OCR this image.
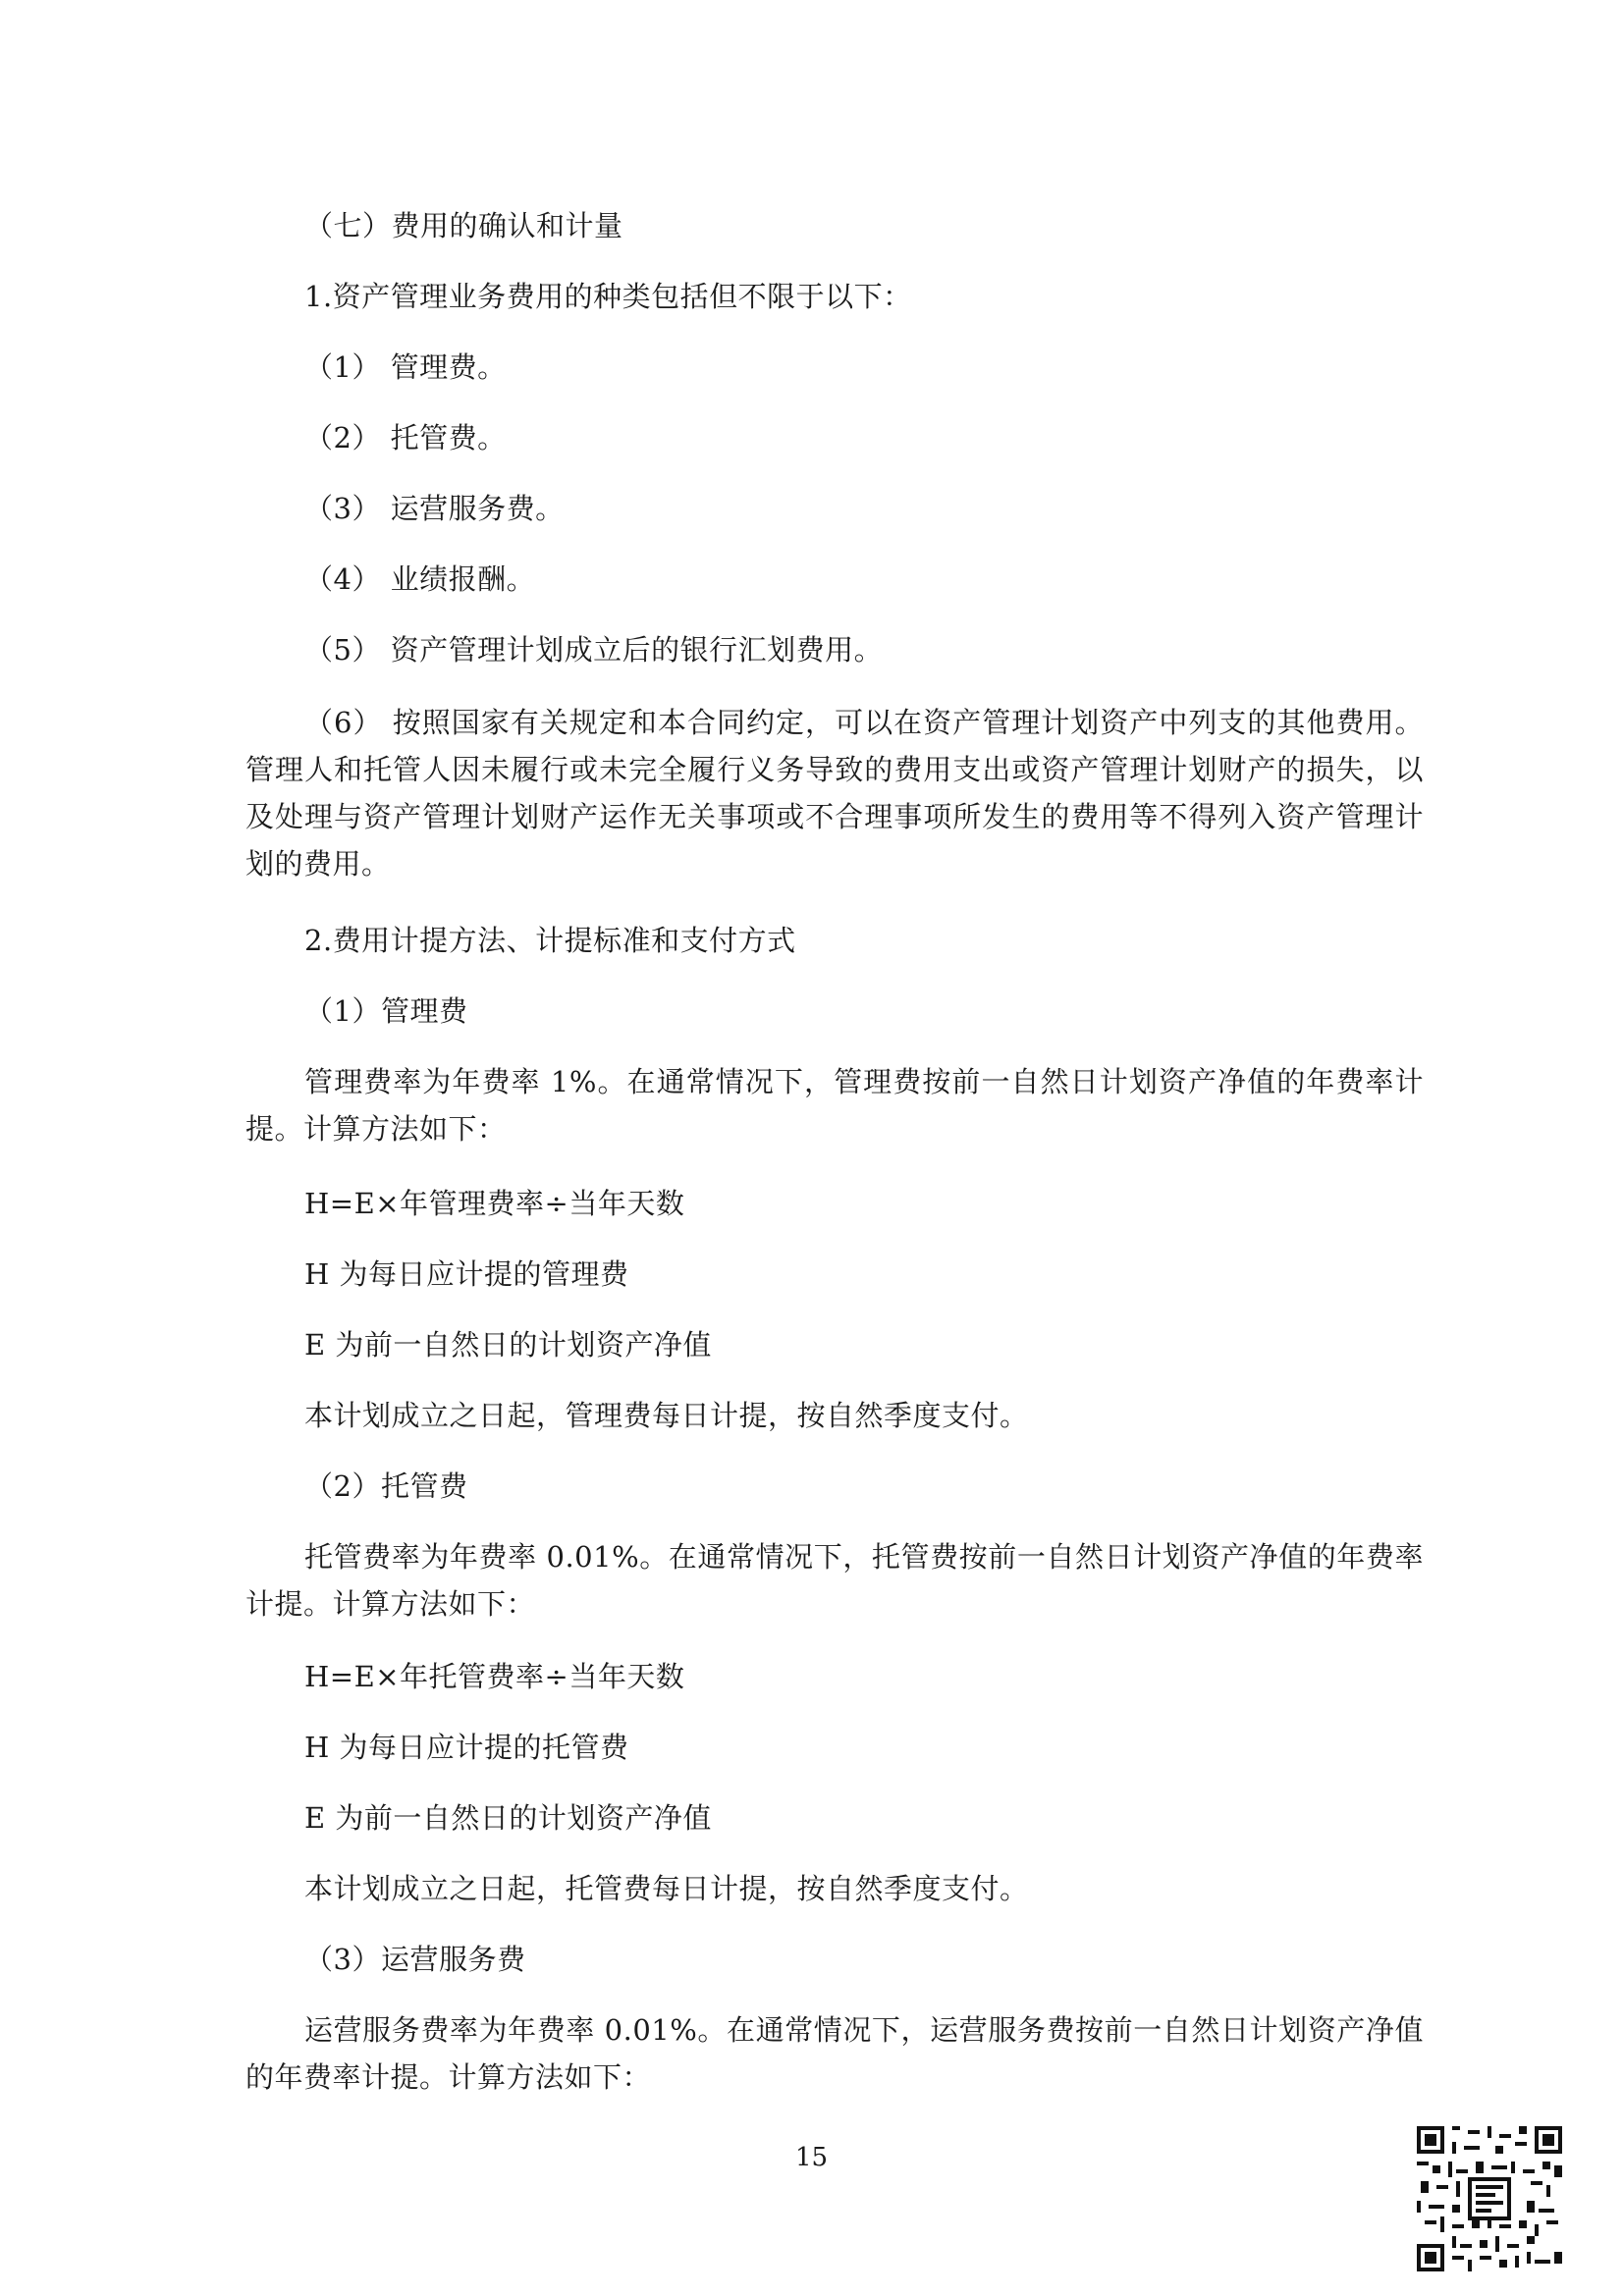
（七）费用的确认和计量
1.资产管理业务费用的种类包括但不限于以下：
（1） 管理费。
（2） 托管费。
（3） 运营服务费。
（4） 业绩报酬。
（5） 资产管理计划成立后的银行汇划费用。
（6） 按照国家有关规定和本合同约定，可以在资产管理计划资产中列支的其他费用。管理人和托管人因未履行或未完全履行义务导致的费用支出或资产管理计划财产的损失，以及处理与资产管理计划财产运作无关事项或不合理事项所发生的费用等不得列入资产管理计划的费用。
2.费用计提方法、计提标准和支付方式
（1）管理费
管理费率为年费率 1%。在通常情况下，管理费按前一自然日计划资产净值的年费率计提。计算方法如下：
H=E×年管理费率÷当年天数
H 为每日应计提的管理费
E 为前一自然日的计划资产净值
本计划成立之日起，管理费每日计提，按自然季度支付。
（2）托管费
托管费率为年费率 0.01%。在通常情况下，托管费按前一自然日计划资产净值的年费率计提。计算方法如下：
H=E×年托管费率÷当年天数
H 为每日应计提的托管费
E 为前一自然日的计划资产净值
本计划成立之日起，托管费每日计提，按自然季度支付。
（3）运营服务费
运营服务费率为年费率 0.01%。在通常情况下，运营服务费按前一自然日计划资产净值的年费率计提。计算方法如下：
15
